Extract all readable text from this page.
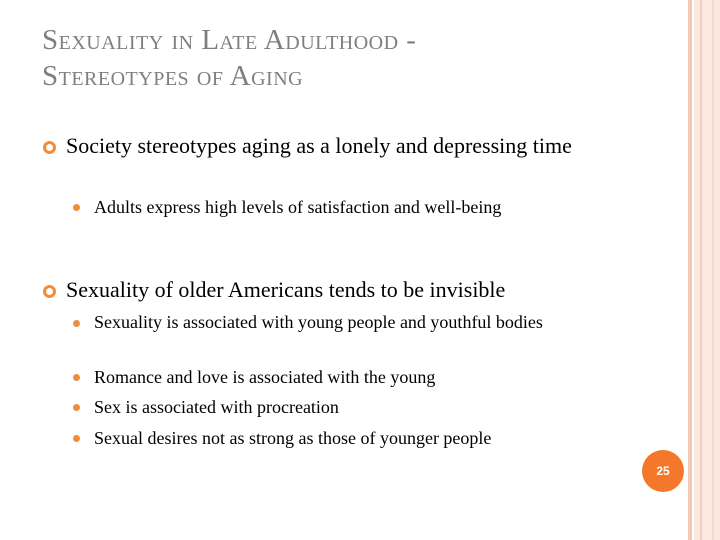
Sexuality in Late Adulthood -
Stereotypes of Aging
Society stereotypes aging as a lonely and depressing time
Adults express high levels of satisfaction and well-being
Sexuality of older Americans tends to be invisible
Sexuality is associated with young people and youthful bodies
Romance and love is associated with the young
Sex is associated with procreation
Sexual desires not as strong as those of younger people
25
